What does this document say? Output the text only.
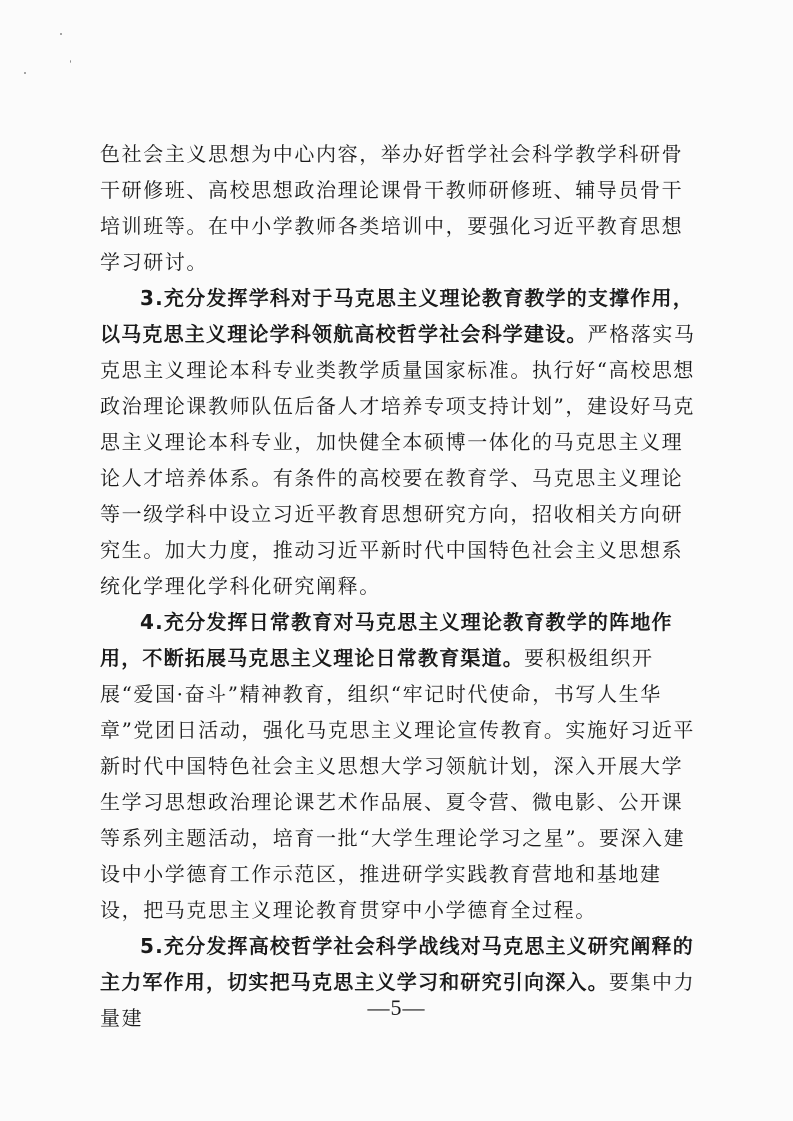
色社会主义思想为中心内容，举办好哲学社会科学教学科研骨干研修班、高校思想政治理论课骨干教师研修班、辅导员骨干培训班等。在中小学教师各类培训中，要强化习近平教育思想学习研讨。

3.充分发挥学科对于马克思主义理论教育教学的支撑作用，以马克思主义理论学科领航高校哲学社会科学建设。严格落实马克思主义理论本科专业类教学质量国家标准。执行好“高校思想政治理论课教师队伍后备人才培养专项支持计划”，建设好马克思主义理论本科专业，加快健全本硕博一体化的马克思主义理论人才培养体系。有条件的高校要在教育学、马克思主义理论等一级学科中设立习近平教育思想研究方向，招收相关方向研究生。加大力度，推动习近平新时代中国特色社会主义思想系统化学理化学科化研究阐释。

4.充分发挥日常教育对马克思主义理论教育教学的阵地作用，不断拓展马克思主义理论日常教育渠道。要积极组织开展“爱国·奋斗”精神教育，组织“牢记时代使命，书写人生华章”党团日活动，强化马克思主义理论宣传教育。实施好习近平新时代中国特色社会主义思想大学习领航计划，深入开展大学生学习思想政治理论课艺术作品展、夏令营、微电影、公开课等系列主题活动，培育一批“大学生理论学习之星”。要深入建设中小学德育工作示范区，推进研学实践教育营地和基地建设，把马克思主义理论教育贯穿中小学德育全过程。

5.充分发挥高校哲学社会科学战线对马克思主义研究阐释的主力军作用，切实把马克思主义学习和研究引向深入。要集中力量建	—5—
